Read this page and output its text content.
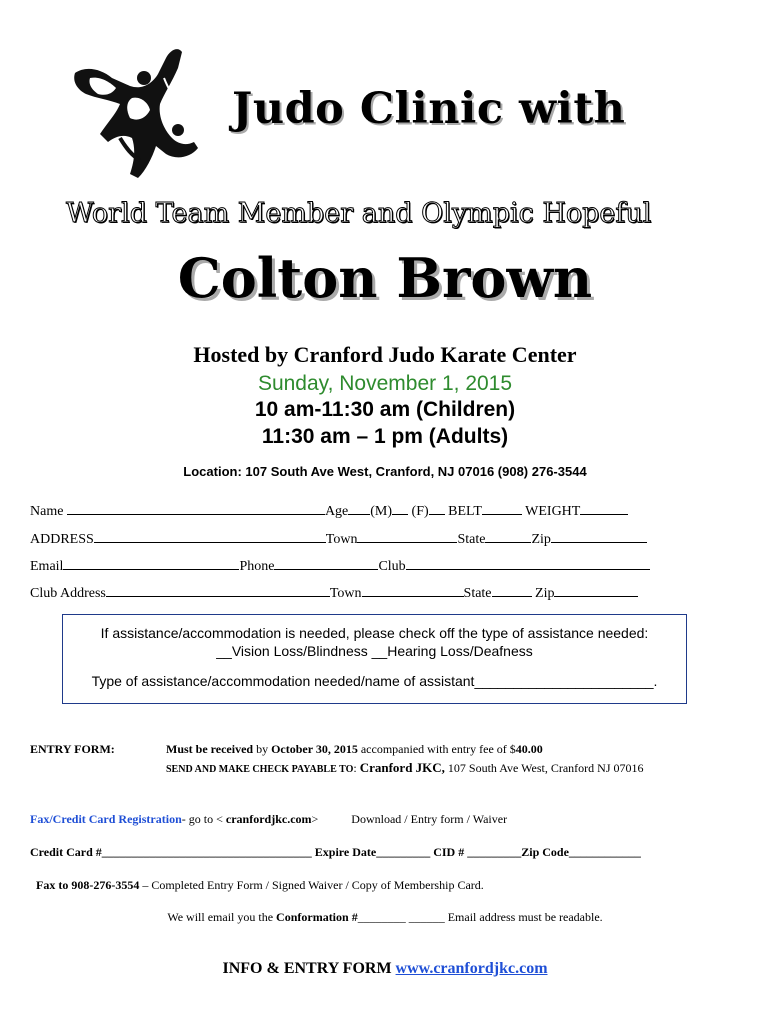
Judo Clinic with
World Team Member and Olympic Hopeful
Colton Brown
Hosted by Cranford Judo Karate Center
Sunday, November 1, 2015
10 am-11:30 am (Children)
11:30 am – 1 pm (Adults)
Location: 107 South Ave West, Cranford, NJ 07016 (908) 276-3544
Name	Age (M) (F) BELT	WEIGHT
ADDRESS	Town	State	Zip
Email	Phone	Club
Club Address	Town	State	Zip
If assistance/accommodation is needed, please check off the type of assistance needed:
__Vision Loss/Blindness __Hearing Loss/Deafness
Type of assistance/accommodation needed/name of assistant_______________________.
ENTRY FORM:	Must be received by October 30, 2015 accompanied with entry fee of $40.00
SEND AND MAKE CHECK PAYABLE TO: Cranford JKC, 107 South Ave West, Cranford NJ 07016
Fax/Credit Card Registration- go to < cranfordjkc.com>	Download / Entry form / Waiver
Credit Card #___________________________________ Expire Date_________ CID # _________Zip Code____________
Fax to 908-276-3554 – Completed Entry Form / Signed Waiver / Copy of Membership Card.
We will email you the Conformation #________ ______ Email address must be readable.
INFO & ENTRY FORM www.cranfordjkc.com
